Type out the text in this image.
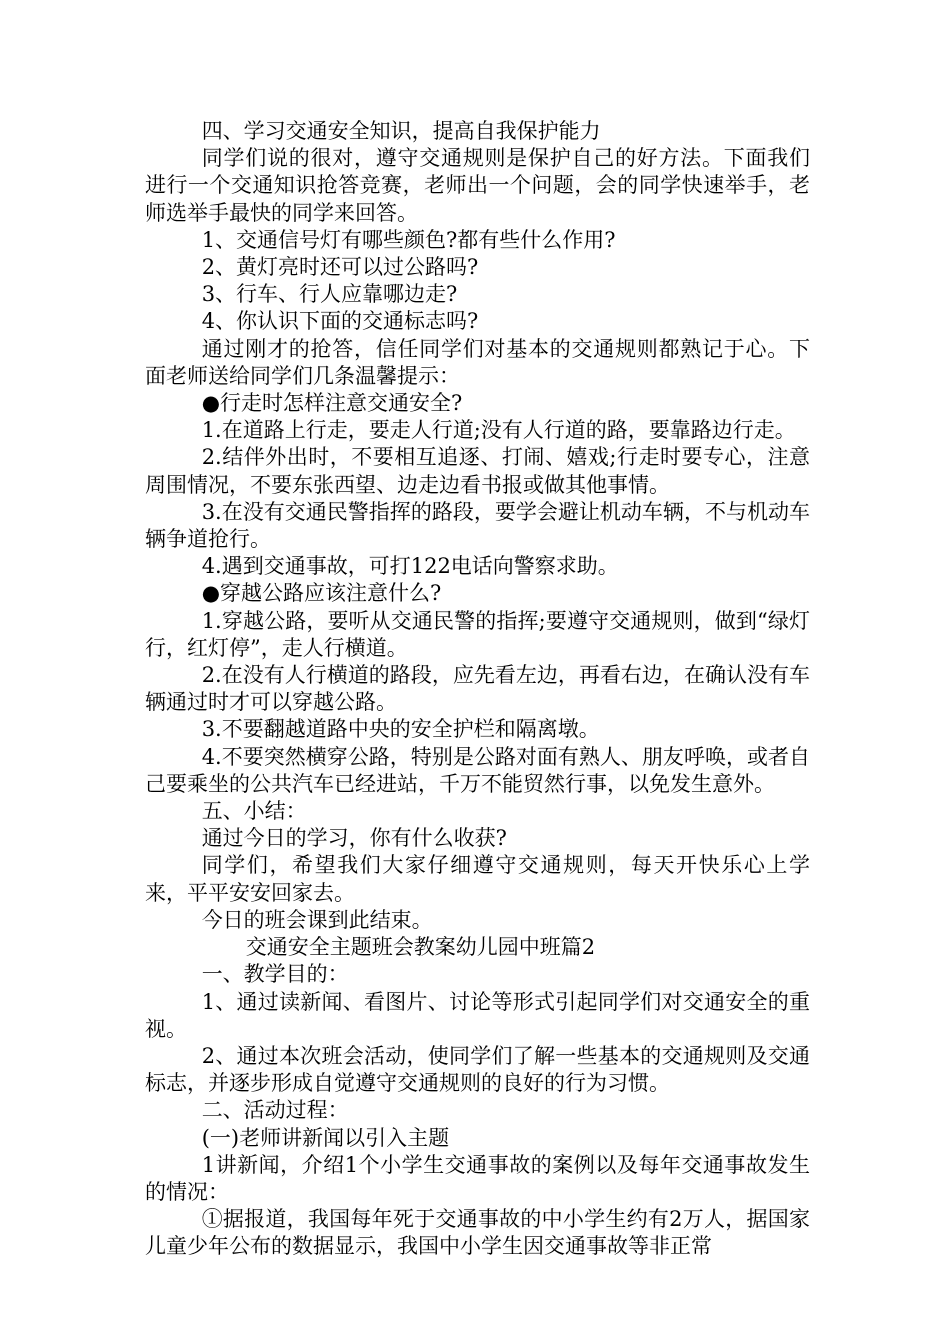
四、学习交通安全知识，提高自我保护能力

同学们说的很对，遵守交通规则是保护自己的好方法。下面我们进行一个交通知识抢答竞赛，老师出一个问题，会的同学快速举手，老师选举手最快的同学来回答。

1、交通信号灯有哪些颜色?都有些什么作用?

2、黄灯亮时还可以过公路吗?

3、行车、行人应靠哪边走?

4、你认识下面的交通标志吗?

通过刚才的抢答，信任同学们对基本的交通规则都熟记于心。下面老师送给同学们几条温馨提示：

●行走时怎样注意交通安全?

1.在道路上行走，要走人行道;没有人行道的路，要靠路边行走。

2.结伴外出时，不要相互追逐、打闹、嬉戏;行走时要专心，注意周围情况，不要东张西望、边走边看书报或做其他事情。

3.在没有交通民警指挥的路段，要学会避让机动车辆，不与机动车辆争道抢行。

4.遇到交通事故，可打122电话向警察求助。

●穿越公路应该注意什么?

1.穿越公路，要听从交通民警的指挥;要遵守交通规则，做到“绿灯行，红灯停”，走人行横道。

2.在没有人行横道的路段，应先看左边，再看右边，在确认没有车辆通过时才可以穿越公路。

3.不要翻越道路中央的安全护栏和隔离墩。

4.不要突然横穿公路，特别是公路对面有熟人、朋友呼唤，或者自己要乘坐的公共汽车已经进站，千万不能贸然行事，以免发生意外。

五、小结：

通过今日的学习，你有什么收获?

同学们，希望我们大家仔细遵守交通规则，每天开快乐心上学来，平平安安回家去。

今日的班会课到此结束。

交通安全主题班会教案幼儿园中班篇2

一、教学目的：

1、通过读新闻、看图片、讨论等形式引起同学们对交通安全的重视。

2、通过本次班会活动，使同学们了解一些基本的交通规则及交通标志，并逐步形成自觉遵守交通规则的良好的行为习惯。

二、活动过程：

(一)老师讲新闻以引入主题

1讲新闻，介绍1个小学生交通事故的案例以及每年交通事故发生的情况：

①据报道，我国每年死于交通事故的中小学生约有2万人，据国家儿童少年公布的数据显示，我国中小学生因交通事故等非正常
